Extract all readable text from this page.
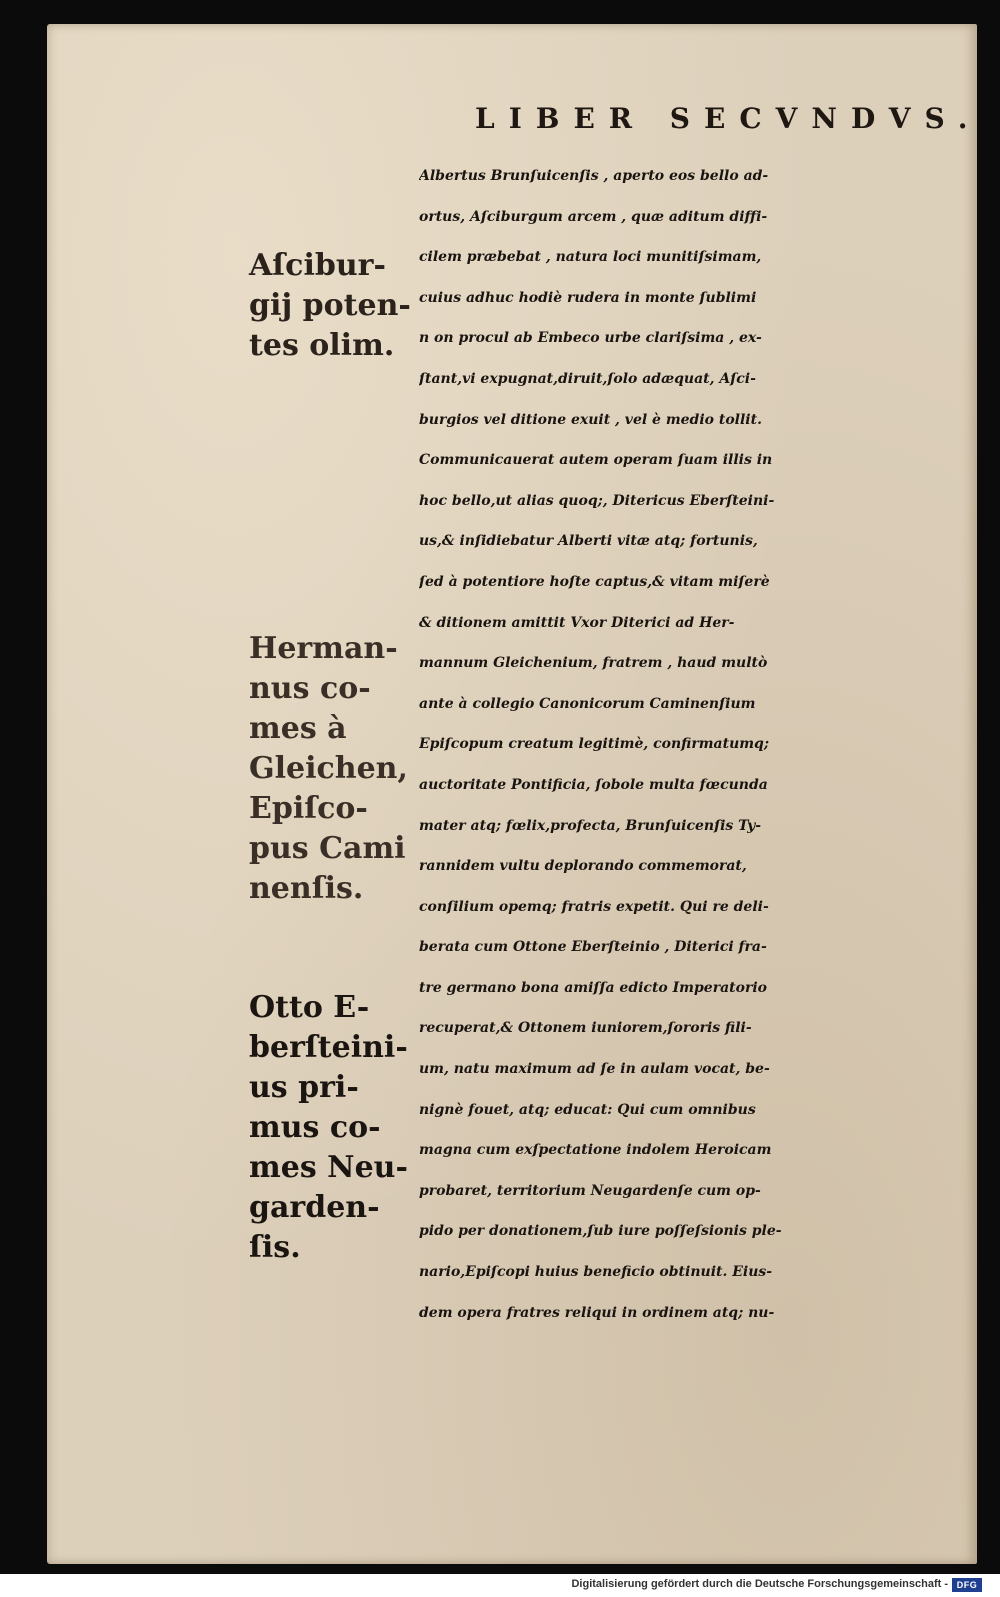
LIBER SECVNDVS.
Aſcibur-
gij poten-
tes olim.
Herman-
nus co-
mes à
Gleichen,
Epiſco-
pus Cami
nenſis.
Otto E-
berſteini-
us pri-
mus co-
mes Neu-
garden-
ſis.
Albertus Brunſuicenſis , aperto eos bello ad-
ortus, Aſciburgum arcem , quæ aditum diffi-
cilem præbebat , natura loci munitiſsimam,
cuius adhuc hodiè rudera in monte ſublimi
n on procul ab Embeco urbe clariſsima , ex-
ſtant,vi expugnat,diruit,ſolo adæquat, Aſci-
burgios vel ditione exuit , vel è medio tollit.
Communicauerat autem operam ſuam illis in
hoc bello,ut alias quoq;, Ditericus Eberſteini-
us,& inſidiebatur Alberti vitæ atq; fortunis,
ſed à potentiore hoſte captus,& vitam miſerè
& ditionem amittit Vxor Diterici ad Her-
mannum Gleichenium, fratrem , haud multò
ante à collegio Canonicorum Caminenſium
Epiſcopum creatum legitimè, confirmatumq;
auctoritate Pontificia, ſobole multa fœcunda
mater atq; fœlix,profecta, Brunſuicenſis Ty-
rannidem vultu deplorando commemorat,
conſilium opemq; fratris expetit. Qui re deli-
berata cum Ottone Eberſteinio , Diterici fra-
tre germano bona amiſſa edicto Imperatorio
recuperat,& Ottonem iuniorem,ſororis fili-
um, natu maximum ad ſe in aulam vocat, be-
nignè fouet, atq; educat: Qui cum omnibus
magna cum exſpectatione indolem Heroicam
probaret, territorium Neugardenſe cum op-
pido per donationem,ſub iure poſſeſsionis ple-
nario,Epiſcopi huius beneficio obtinuit. Eius-
dem opera fratres reliqui in ordinem atq; nu-
Digitalisierung gefördert durch die Deutsche Forschungsgemeinschaft - DFG
